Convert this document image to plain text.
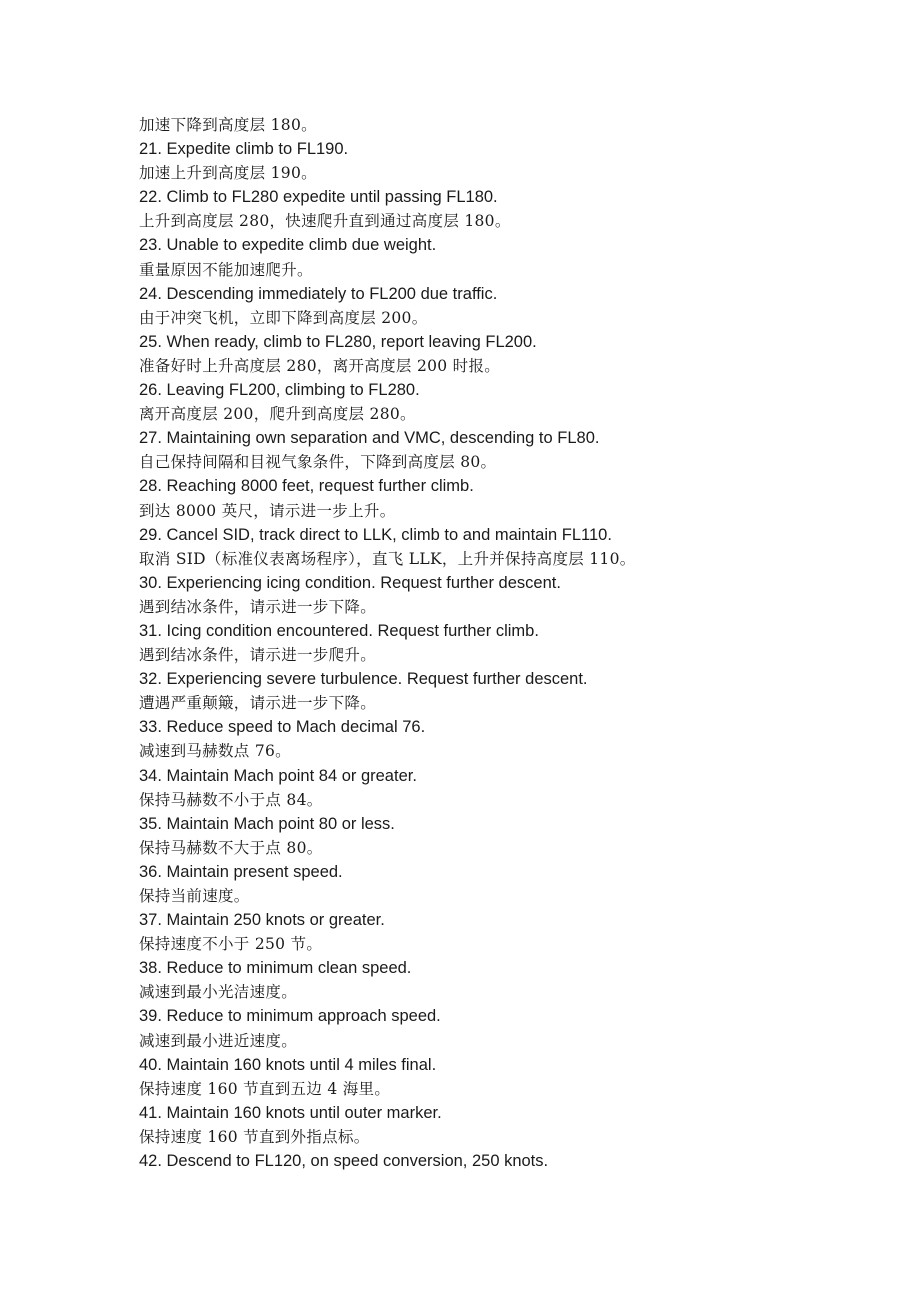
加速下降到高度层 180。
21. Expedite climb to FL190.
加速上升到高度层 190。
22. Climb to FL280 expedite until passing FL180.
上升到高度层 280，快速爬升直到通过高度层 180。
23. Unable to expedite climb due weight.
重量原因不能加速爬升。
24. Descending immediately to FL200 due traffic.
由于冲突飞机，立即下降到高度层 200。
25. When ready, climb to FL280, report leaving FL200.
准备好时上升高度层 280，离开高度层 200 时报。
26. Leaving FL200, climbing to FL280.
离开高度层 200，爬升到高度层 280。
27. Maintaining own separation and VMC, descending to FL80.
自己保持间隔和目视气象条件，下降到高度层 80。
28. Reaching 8000 feet, request further climb.
到达 8000 英尺，请示进一步上升。
29. Cancel SID, track direct to LLK, climb to and maintain FL110.
取消 SID（标准仪表离场程序），直飞 LLK，上升并保持高度层 110。
30. Experiencing icing condition. Request further descent.
遇到结冰条件，请示进一步下降。
31. Icing condition encountered. Request further climb.
遇到结冰条件，请示进一步爬升。
32. Experiencing severe turbulence. Request further descent.
遭遇严重颠簸，请示进一步下降。
33. Reduce speed to Mach decimal 76.
减速到马赫数点 76。
34. Maintain Mach point 84 or greater.
保持马赫数不小于点 84。
35. Maintain Mach point 80 or less.
保持马赫数不大于点 80。
36. Maintain present speed.
保持当前速度。
37. Maintain 250 knots or greater.
保持速度不小于 250 节。
38. Reduce to minimum clean speed.
减速到最小光洁速度。
39. Reduce to minimum approach speed.
减速到最小进近速度。
40. Maintain 160 knots until 4 miles final.
保持速度 160 节直到五边 4 海里。
41. Maintain 160 knots until outer marker.
保持速度 160 节直到外指点标。
42. Descend to FL120, on speed conversion, 250 knots.
